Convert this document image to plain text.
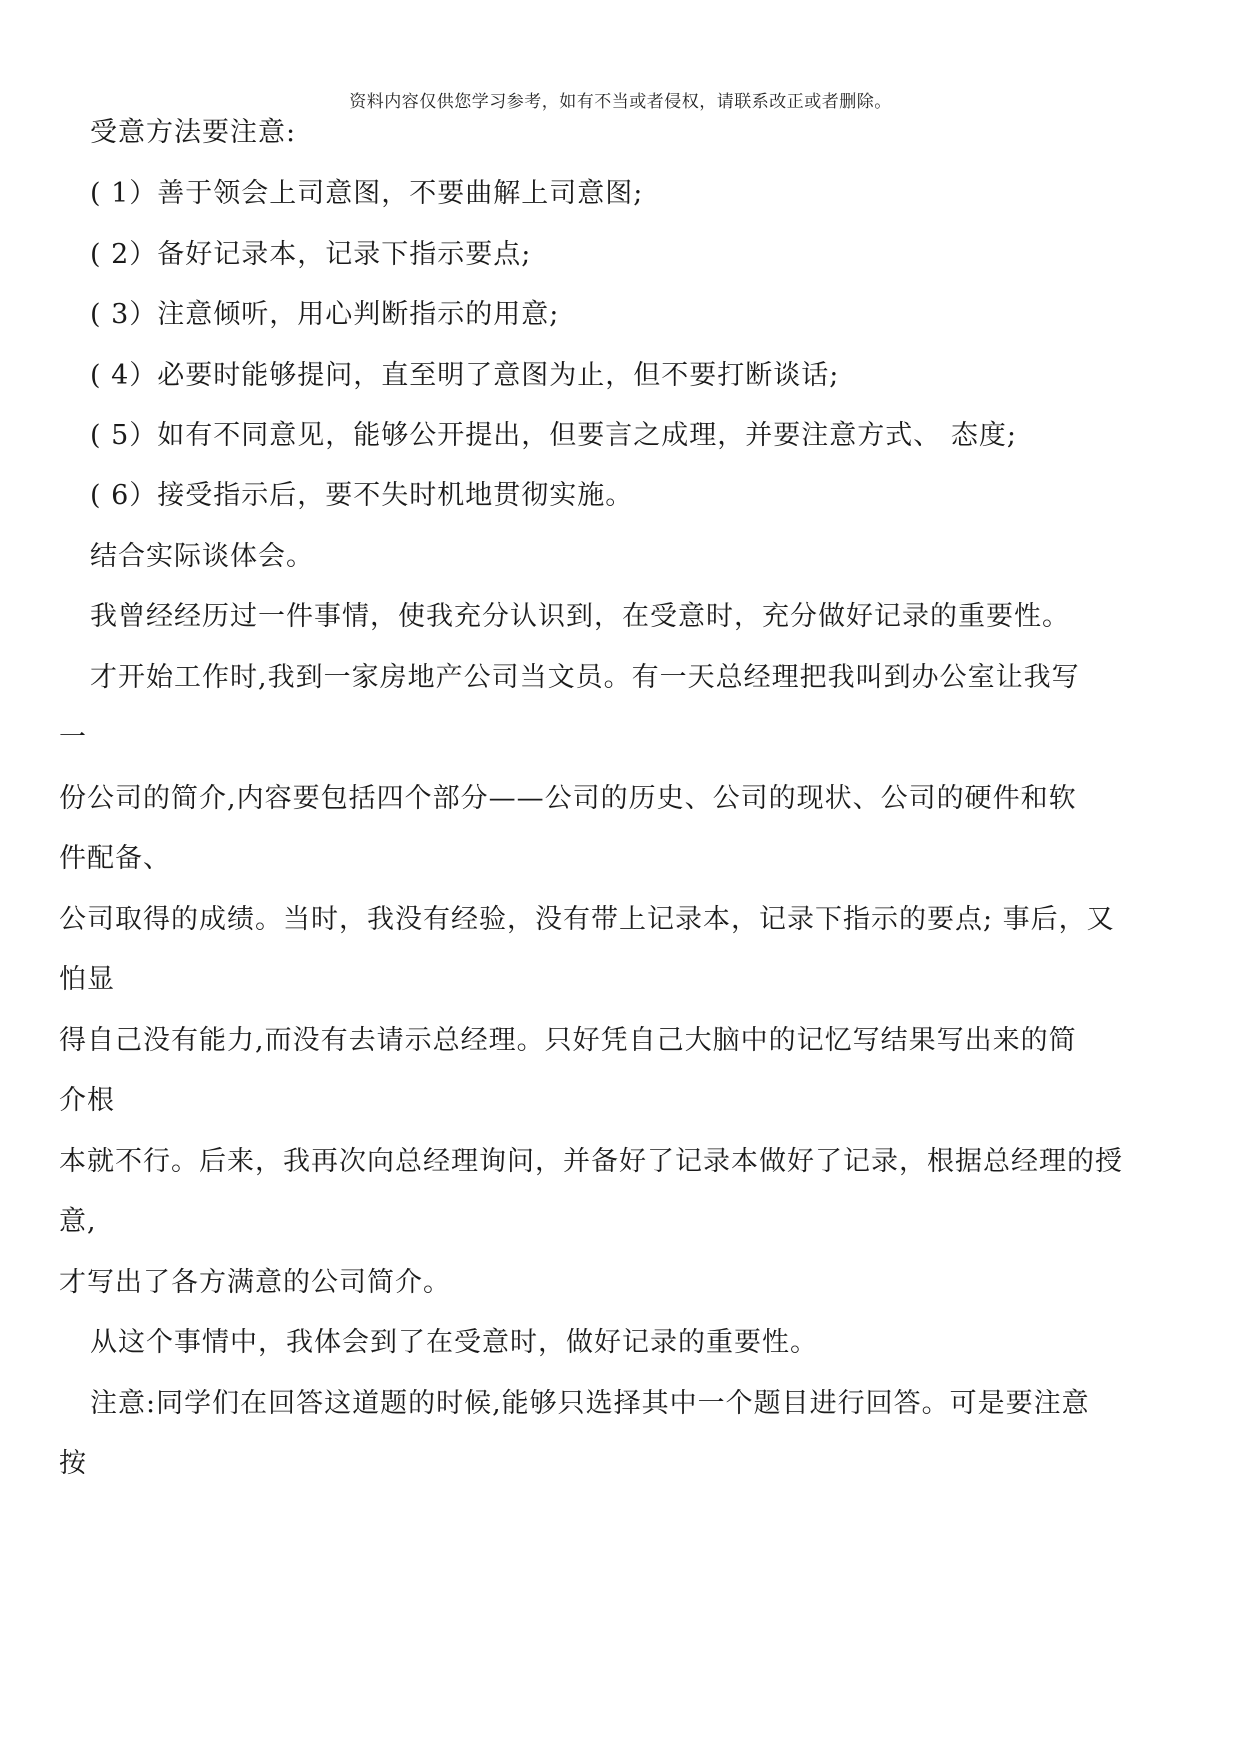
资料内容仅供您学习参考，如有不当或者侵权，请联系改正或者删除。
受意方法要注意:
( 1）善于领会上司意图，不要曲解上司意图;
( 2）备好记录本，记录下指示要点;
( 3）注意倾听，用心判断指示的用意;
( 4）必要时能够提问，直至明了意图为止，但不要打断谈话;
( 5）如有不同意见，能够公开提出，但要言之成理，并要注意方式、 态度;
( 6）接受指示后，要不失时机地贯彻实施。
结合实际谈体会。
我曾经经历过一件事情，使我充分认识到，在受意时，充分做好记录的重要性。
才开始工作时,我到一家房地产公司当文员。有一天总经理把我叫到办公室让我写
一
份公司的简介,内容要包括四个部分——公司的历史、公司的现状、公司的硬件和软
件配备、
公司取得的成绩。当时，我没有经验，没有带上记录本，记录下指示的要点; 事后，又
怕显
得自己没有能力,而没有去请示总经理。只好凭自己大脑中的记忆写结果写出来的简
介根
本就不行。后来，我再次向总经理询问，并备好了记录本做好了记录，根据总经理的授
意,
才写出了各方满意的公司简介。
从这个事情中，我体会到了在受意时，做好记录的重要性。
注意:同学们在回答这道题的时候,能够只选择其中一个题目进行回答。可是要注意
按
